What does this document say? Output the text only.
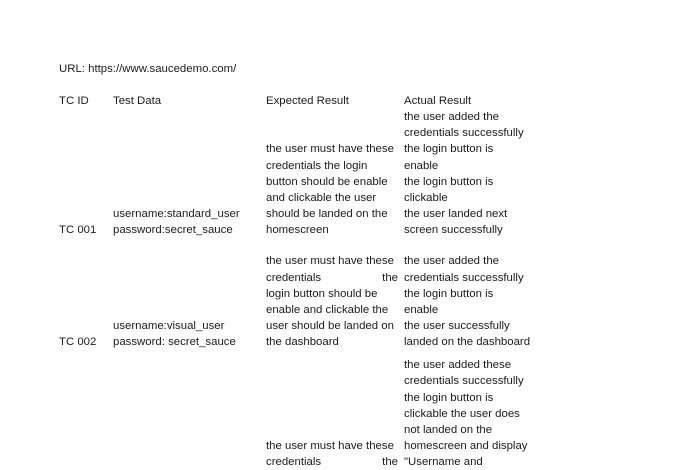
URL: https://www.saucedemo.com/
TC ID Test Data	Expected Result	Actual Result
TC 001
username:standard_user
password:secret_sauce
the user must have these
credentials the login
button should be enable
and clickable the user
should be landed on the
homescreen
the user added the
credentials successfully
the login button is
enable
the login button is
clickable
the user landed next
screen successfully
TC 002
username:visual_user
password: secret_sauce
the user must have these
credentials the
login button should be
enable and clickable the
user should be landed on
the dashboard
the user added the
credentials successfully
the login button is
enable
the user successfully
landed on the dashboard
the user must have these
credentials the
the user added these
credentials successfully
the login button is
clickable the user does
not landed on the
homescreen and display
"Username and
